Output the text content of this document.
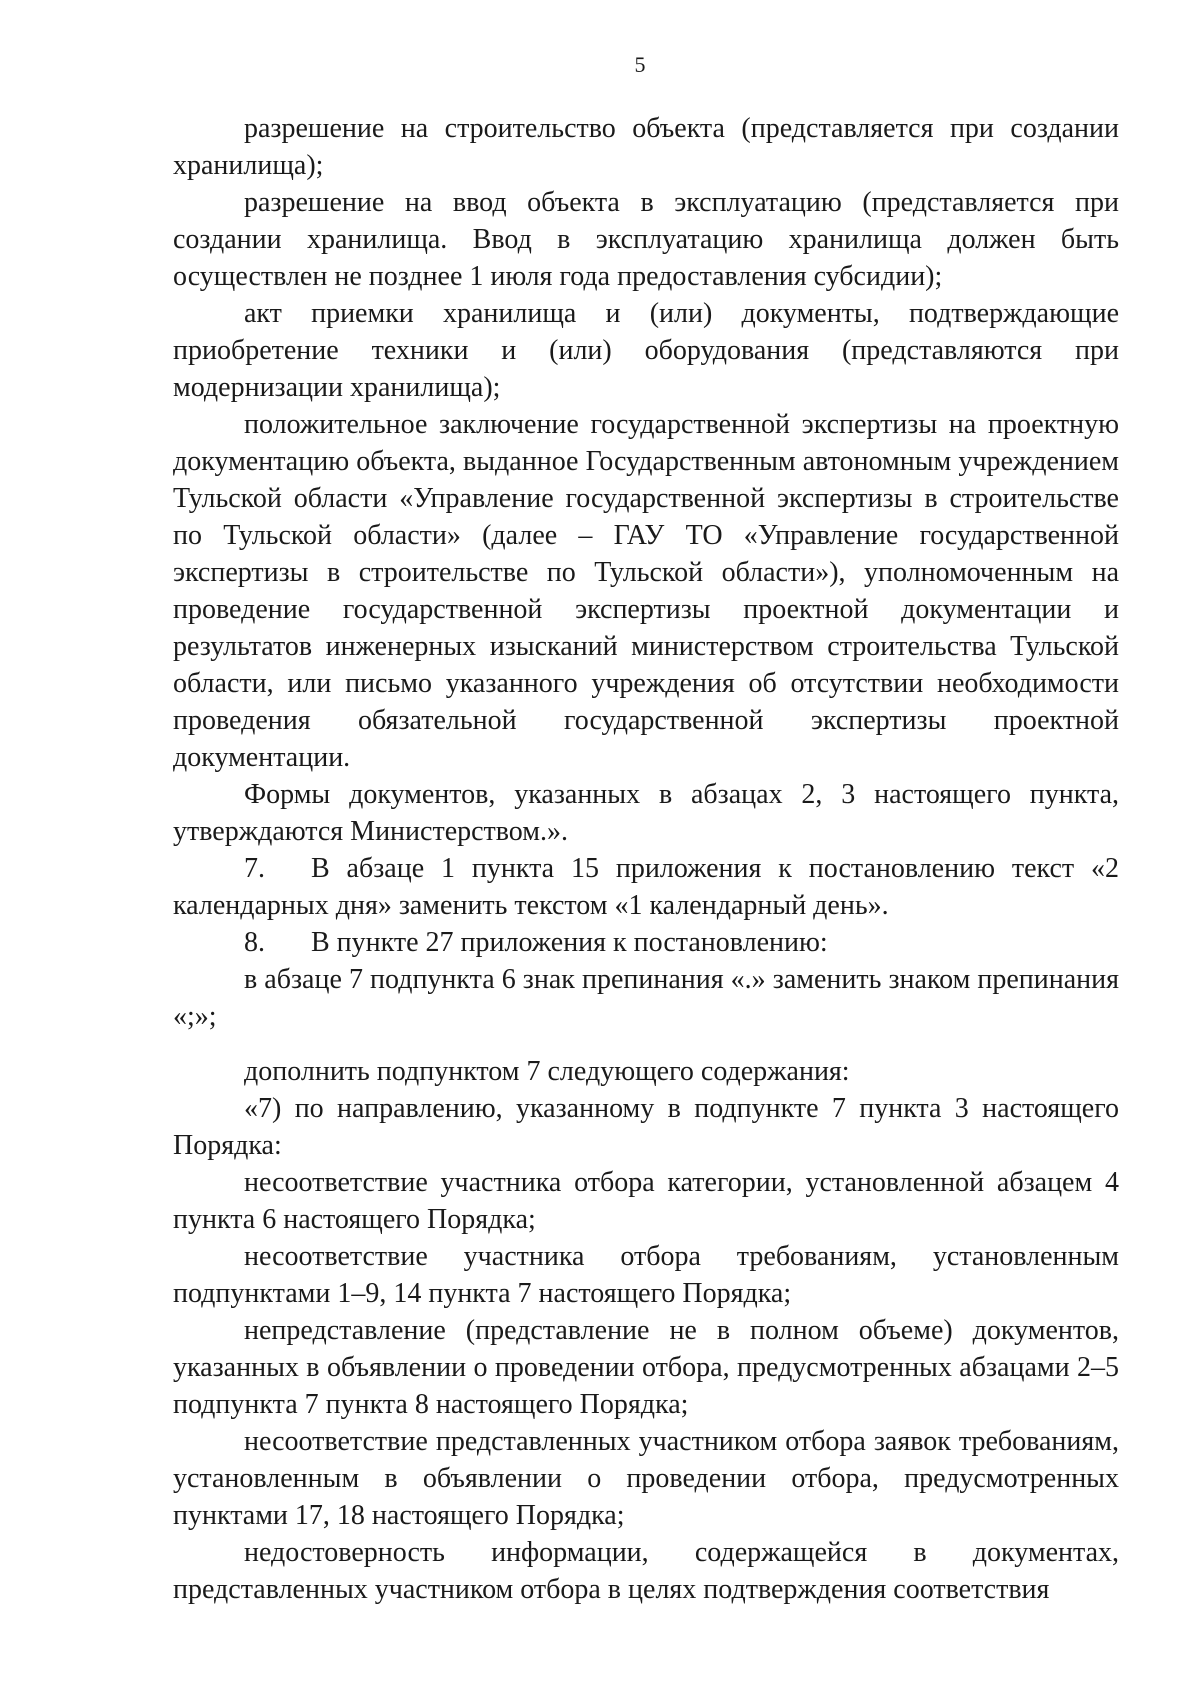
5

разрешение на строительство объекта (представляется при создании хранилища);

разрешение на ввод объекта в эксплуатацию (представляется при создании хранилища. Ввод в эксплуатацию хранилища должен быть осуществлен не позднее 1 июля года предоставления субсидии);

акт приемки хранилища и (или) документы, подтверждающие приобретение техники и (или) оборудования (представляются при модернизации хранилища);

положительное заключение государственной экспертизы на проектную документацию объекта, выданное Государственным автономным учреждением Тульской области «Управление государственной экспертизы в строительстве по Тульской области» (далее – ГАУ ТО «Управление государственной экспертизы в строительстве по Тульской области»), уполномоченным на проведение государственной экспертизы проектной документации и результатов инженерных изысканий министерством строительства Тульской области, или письмо указанного учреждения об отсутствии необходимости проведения обязательной государственной экспертизы проектной документации.

Формы документов, указанных в абзацах 2, 3 настоящего пункта, утверждаются Министерством.».

7. В абзаце 1 пункта 15 приложения к постановлению текст «2 календарных дня» заменить текстом «1 календарный день».

8. В пункте 27 приложения к постановлению:

в абзаце 7 подпункта 6 знак препинания «.» заменить знаком препинания «;»;

дополнить подпунктом 7 следующего содержания:

«7) по направлению, указанному в подпункте 7 пункта 3 настоящего Порядка:

несоответствие участника отбора категории, установленной абзацем 4 пункта 6 настоящего Порядка;

несоответствие участника отбора требованиям, установленным подпунктами 1–9, 14 пункта 7 настоящего Порядка;

непредставление (представление не в полном объеме) документов, указанных в объявлении о проведении отбора, предусмотренных абзацами 2–5 подпункта 7 пункта 8 настоящего Порядка;

несоответствие представленных участником отбора заявок требованиям, установленным в объявлении о проведении отбора, предусмотренных пунктами 17, 18 настоящего Порядка;

недостоверность информации, содержащейся в документах, представленных участником отбора в целях подтверждения соответствия
